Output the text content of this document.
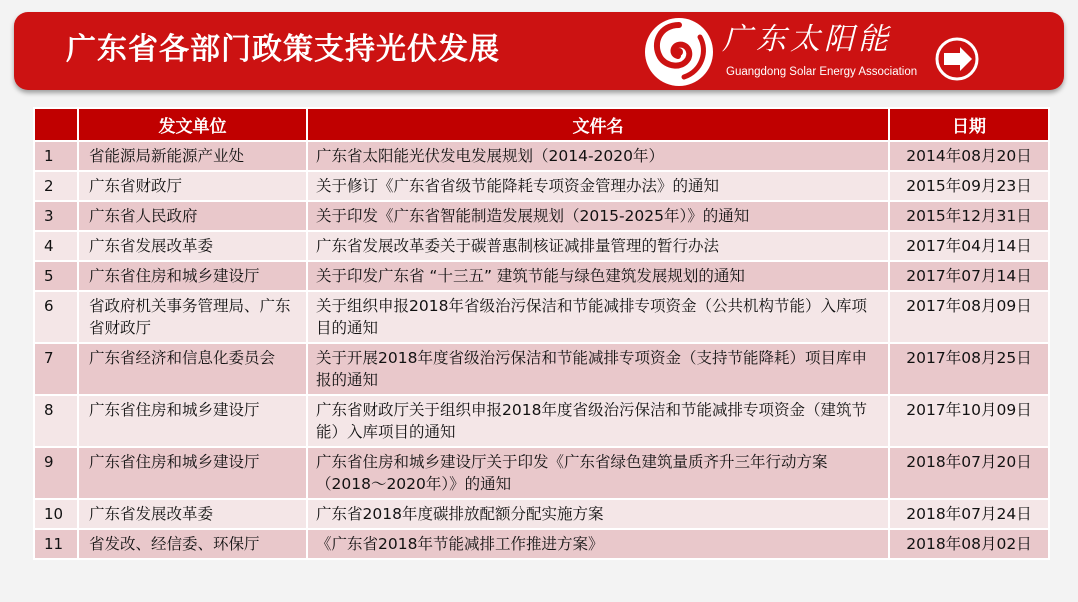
广东省各部门政策支持光伏发展	广东太阳能
Guangdong Solar Energy Association
	发文单位	文件名	日期
1	省能源局新能源产业处	广东省太阳能光伏发电发展规划（2014-2020年）	2014年08月20日
2	广东省财政厅	关于修订《广东省省级节能降耗专项资金管理办法》的通知	2015年09月23日
3	广东省人民政府	关于印发《广东省智能制造发展规划（2015-2025年）》的通知	2015年12月31日
4	广东省发展改革委	广东省发展改革委关于碳普惠制核证减排量管理的暂行办法	2017年04月14日
5	广东省住房和城乡建设厅	关于印发广东省 “十三五” 建筑节能与绿色建筑发展规划的通知	2017年07月14日
6	省政府机关事务管理局、广东省财政厅	关于组织申报2018年省级治污保洁和节能减排专项资金（公共机构节能）入库项目的通知	2017年08月09日
7	广东省经济和信息化委员会	关于开展2018年度省级治污保洁和节能减排专项资金（支持节能降耗）项目库申报的通知	2017年08月25日
8	广东省住房和城乡建设厅	广东省财政厅关于组织申报2018年度省级治污保洁和节能减排专项资金（建筑节能）入库项目的通知	2017年10月09日
9	广东省住房和城乡建设厅	广东省住房和城乡建设厅关于印发《广东省绿色建筑量质齐升三年行动方案（2018～2020年）》的通知	2018年07月20日
10	广东省发展改革委	广东省2018年度碳排放配额分配实施方案	2018年07月24日
11	省发改、经信委、环保厅	《广东省2018年节能减排工作推进方案》	2018年08月02日
